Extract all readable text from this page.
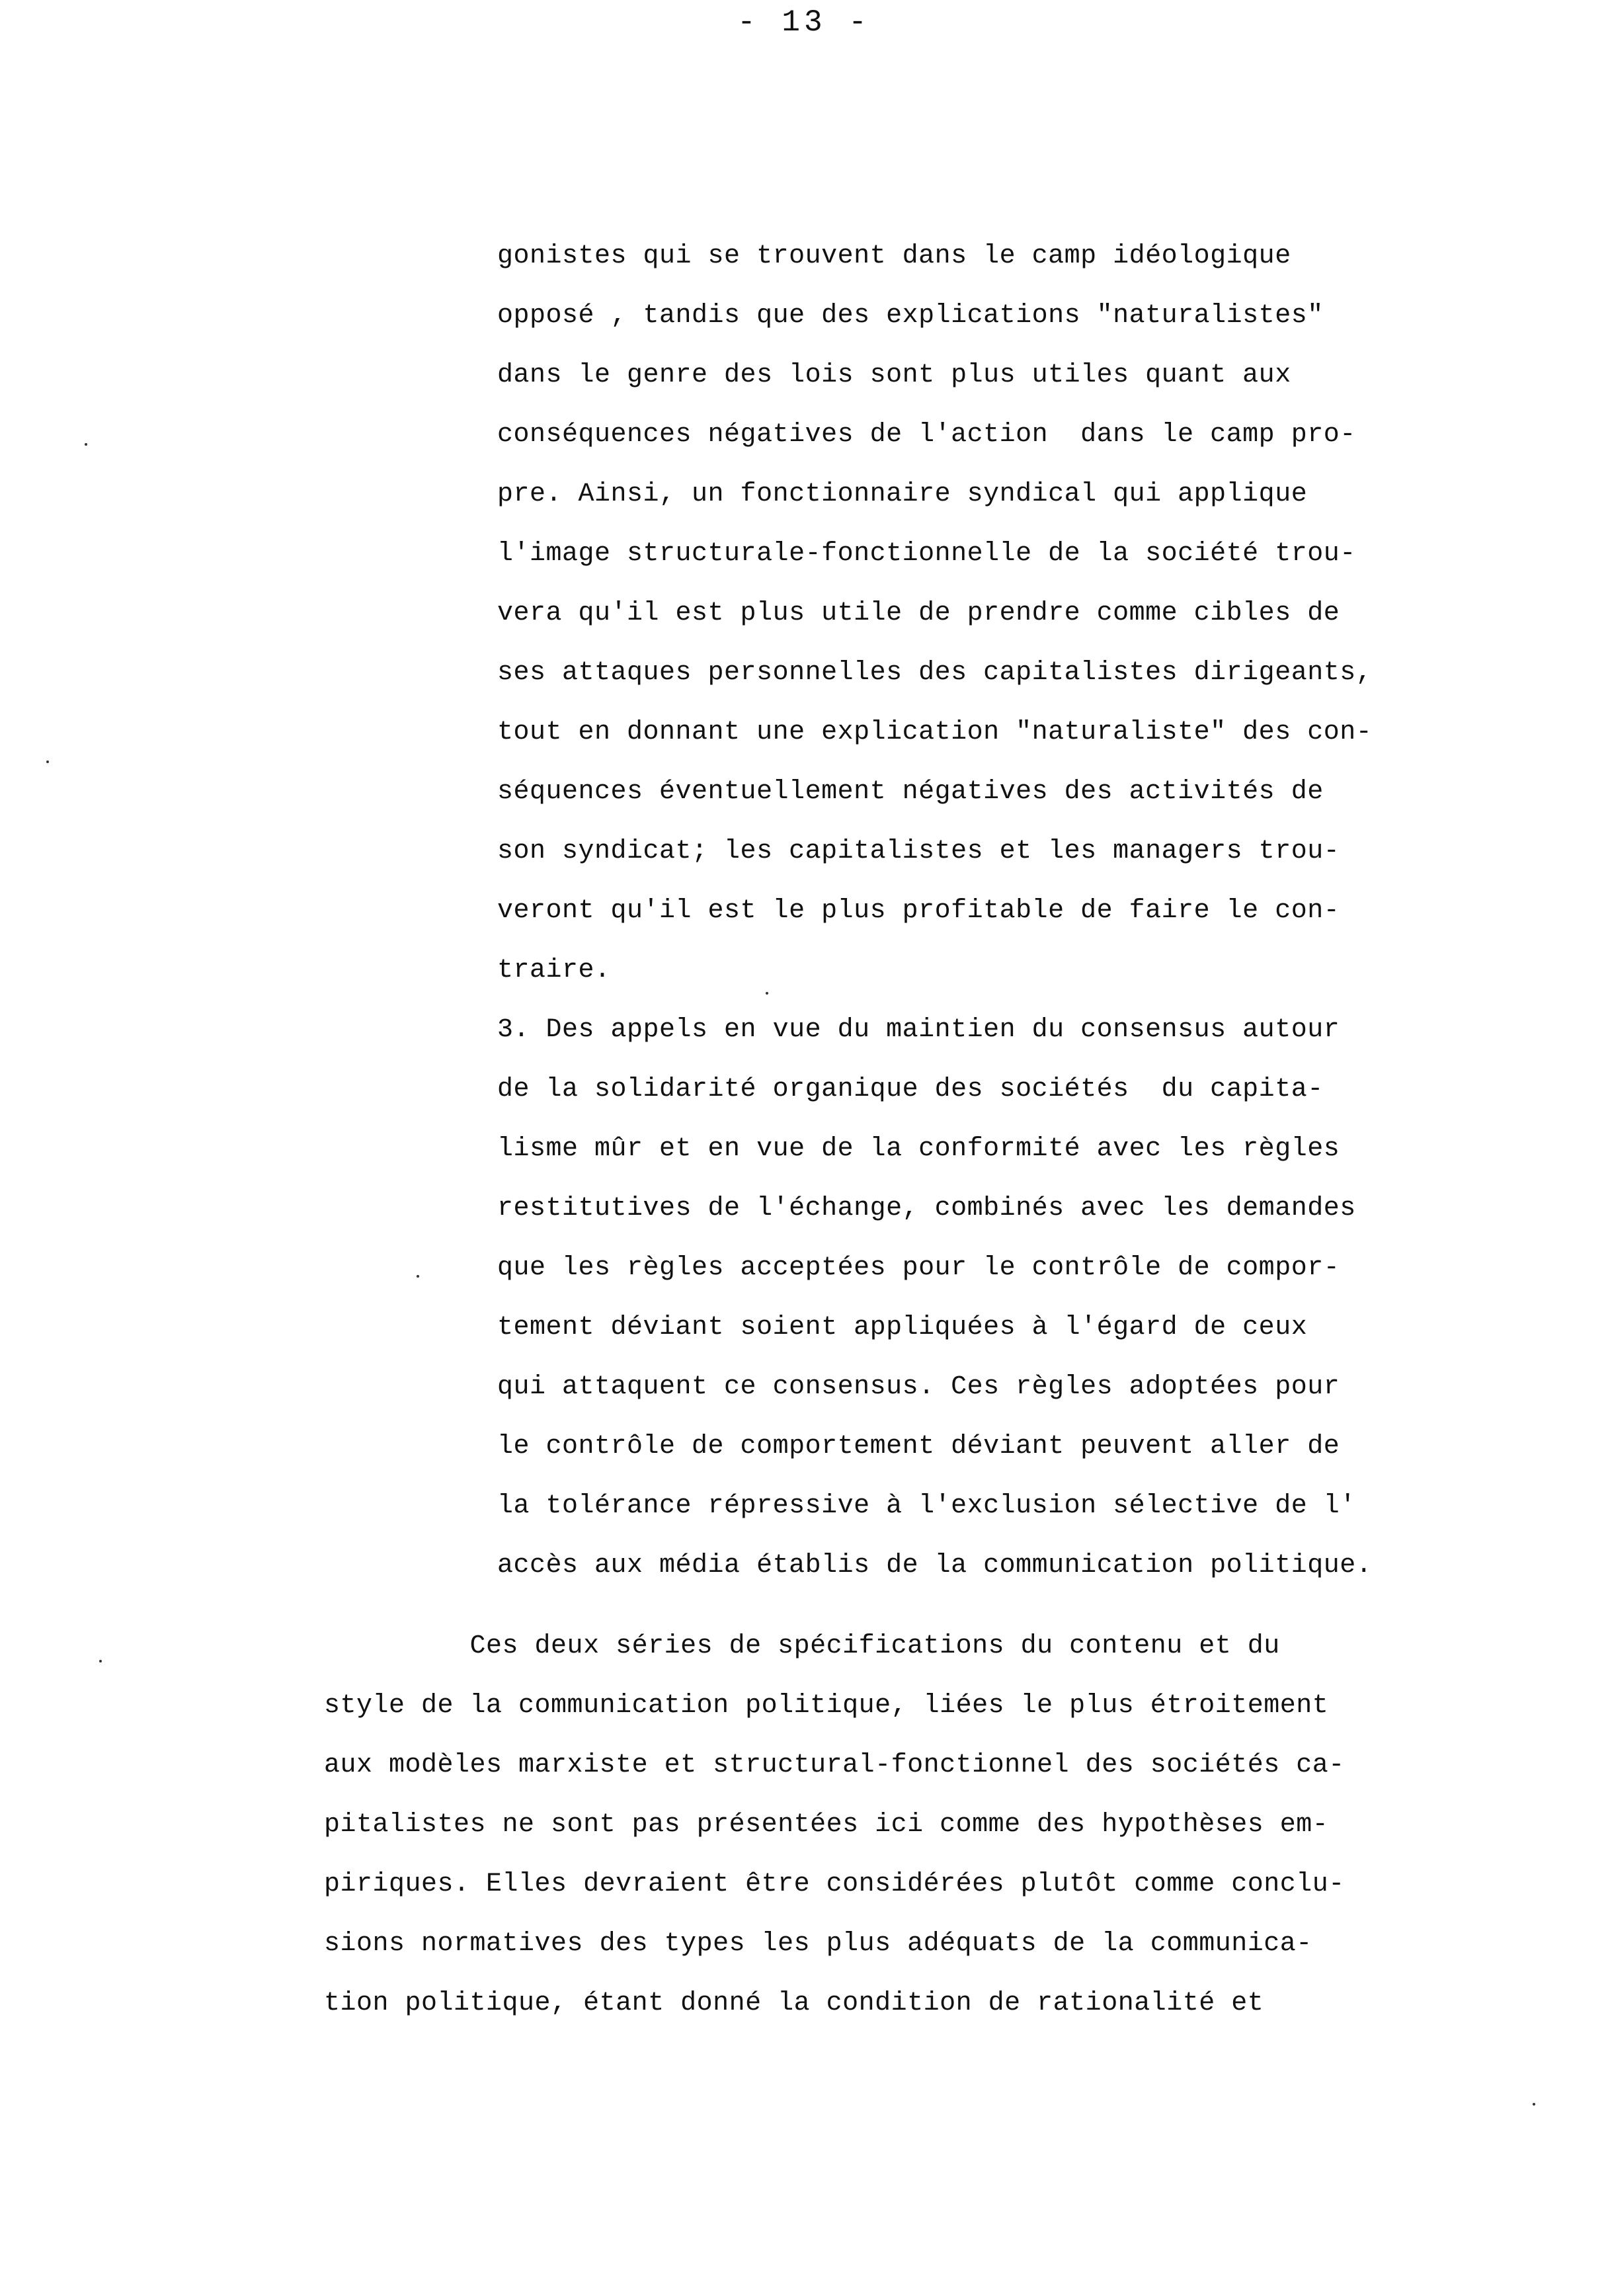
- 13 -
gonistes qui se trouvent dans le camp idéologique
opposé , tandis que des explications "naturalistes"
dans le genre des lois sont plus utiles quant aux
conséquences négatives de l'action  dans le camp pro-
pre. Ainsi, un fonctionnaire syndical qui applique
l'image structurale-fonctionnelle de la société trou-
vera qu'il est plus utile de prendre comme cibles de
ses attaques personnelles des capitalistes dirigeants,
tout en donnant une explication "naturaliste" des con-
séquences éventuellement négatives des activités de
son syndicat; les capitalistes et les managers trou-
veront qu'il est le plus profitable de faire le con-
traire.
3. Des appels en vue du maintien du consensus autour
de la solidarité organique des sociétés  du capita-
lisme mûr et en vue de la conformité avec les règles
restitutives de l'échange, combinés avec les demandes
que les règles acceptées pour le contrôle de compor-
tement déviant soient appliquées à l'égard de ceux
qui attaquent ce consensus. Ces règles adoptées pour
le contrôle de comportement déviant peuvent aller de
la tolérance répressive à l'exclusion sélective de l'
accès aux média établis de la communication politique.
Ces deux séries de spécifications du contenu et du
style de la communication politique, liées le plus étroitement
aux modèles marxiste et structural-fonctionnel des sociétés ca-
pitalistes ne sont pas présentées ici comme des hypothèses em-
piriques. Elles devraient être considérées plutôt comme conclu-
sions normatives des types les plus adéquats de la communica-
tion politique, étant donné la condition de rationalité et
